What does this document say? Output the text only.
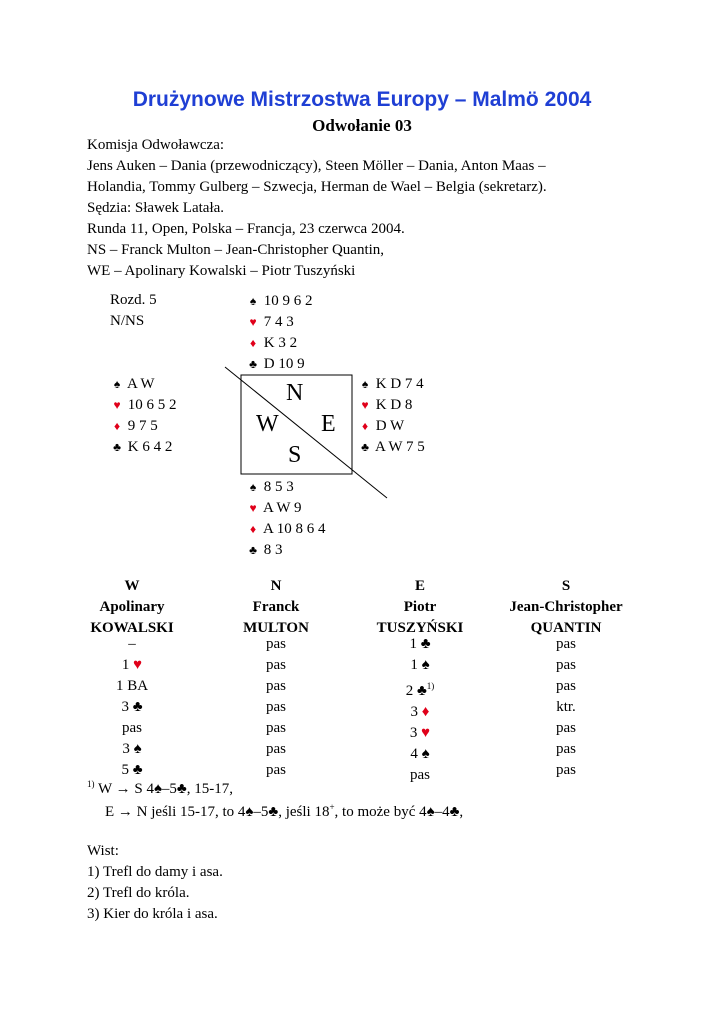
Drużynowe Mistrzostwa Europy – Malmö 2004
Odwołanie 03
Komisja Odwoławcza:
Jens Auken – Dania (przewodniczący), Steen Möller – Dania, Anton Maas –
Holandia, Tommy Gulberg – Szwecja, Herman de Wael – Belgia (sekretarz).
Sędzia: Sławek Latała.
Runda 11, Open, Polska – Francja, 23 czerwca 2004.
NS – Franck Multon – Jean-Christopher Quantin,
WE – Apolinary Kowalski – Piotr Tuszyński
Rozd. 5
N/NS
♠ 10 9 6 2
♥ 7 4 3
♦ K 3 2
♣ D 10 9
♠ A W
♥ 10 6 5 2
♦ 9 7 5
♣ K 6 4 2
♠ K D 7 4
♥ K D 8
♦ D W
♣ A W 7 5
♠ 8 5 3
♥ A W 9
♦ A 10 8 6 4
♣ 8 3
N
W E
S
W
Apolinary
KOWALSKI
N
Franck
MULTON
E
Piotr
TUSZYŃSKI
S
Jean-Christopher
QUANTIN
–
1 ♥
1 BA
3 ♣
pas
3 ♠
5 ♣
pas
pas
pas
pas
pas
pas
pas
1 ♣
1 ♠
2 ♣$^{1)}$
3 ♦
3 ♥
4 ♠
pas
pas
pas
pas
ktr.
pas
pas
pas
$^{1)}$ W → S 4♠–5♣, 15-17,
E → N jeśli 15-17, to 4♠–5♣, jeśli 18+, to może być 4♠–4♣,
Wist:
1) Trefl do damy i asa.
2) Trefl do króla.
3) Kier do króla i asa.
